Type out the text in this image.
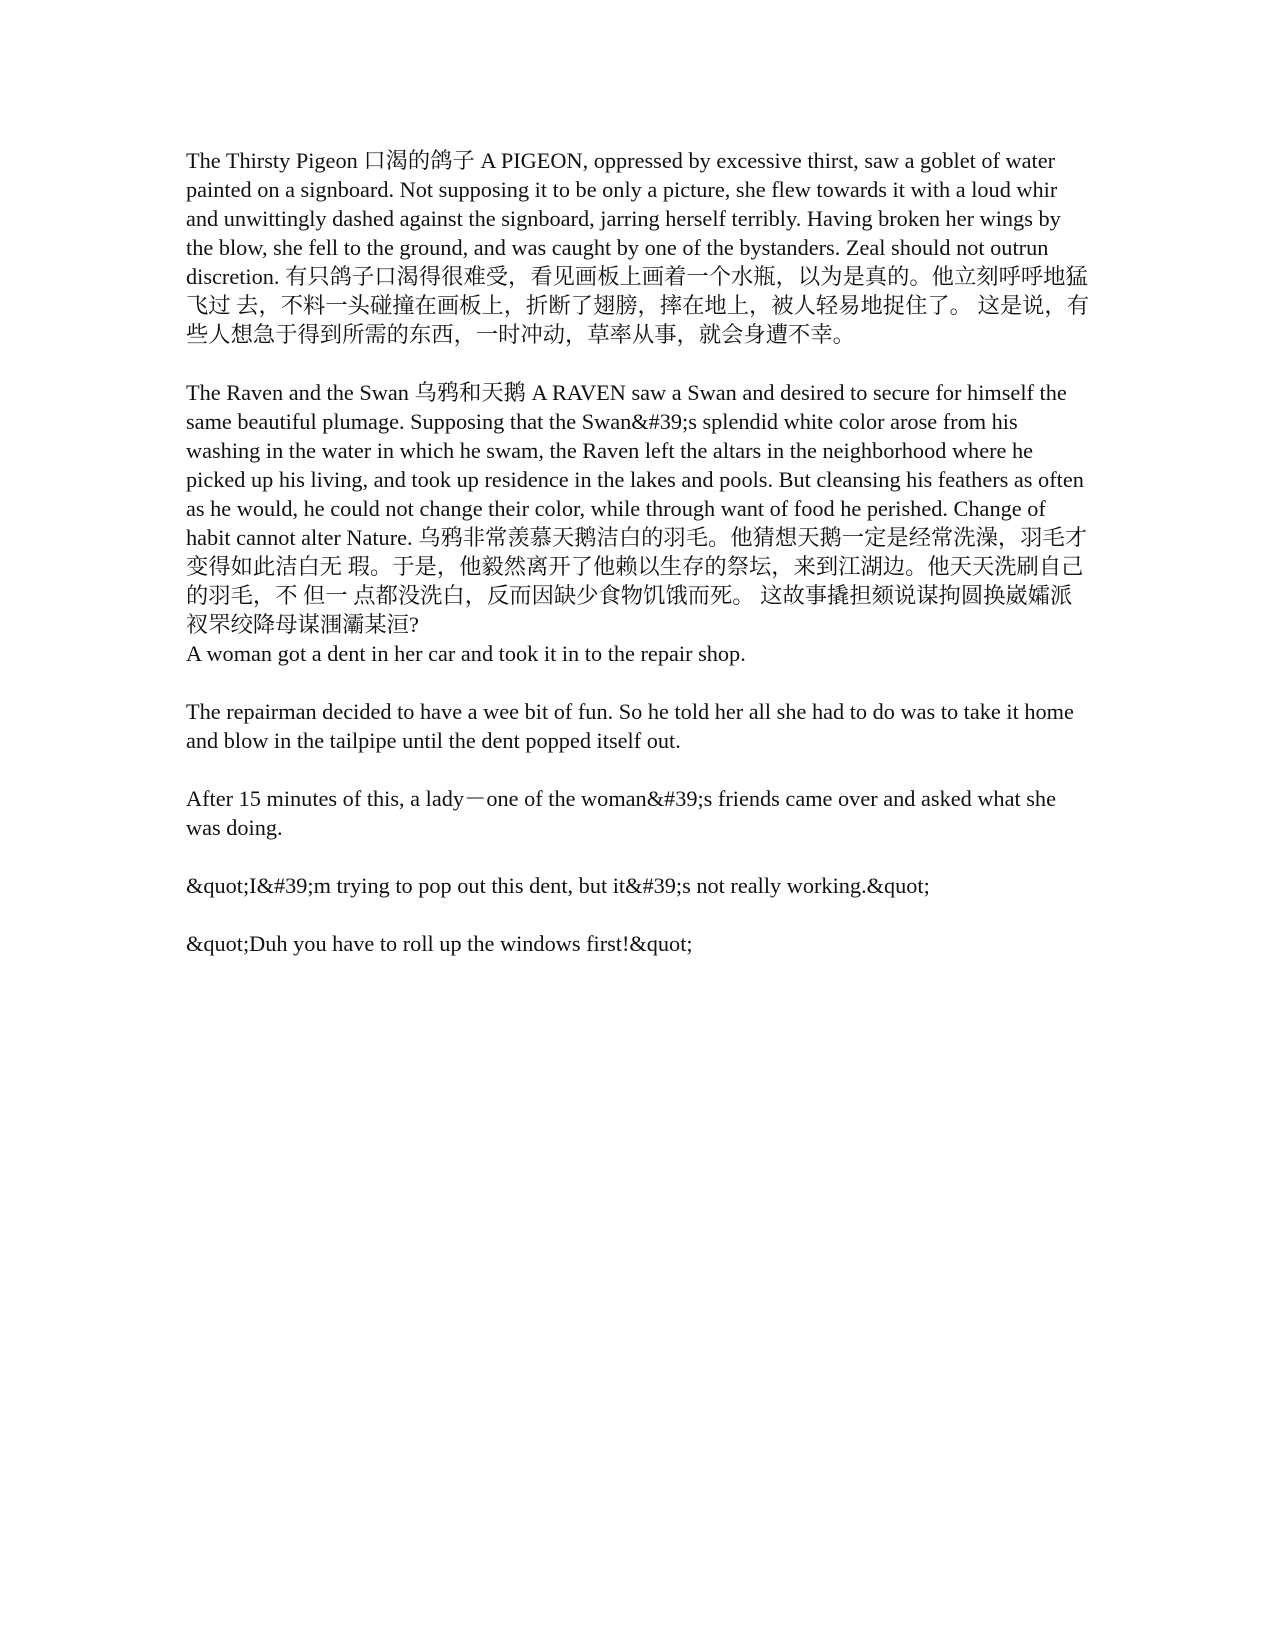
The Thirsty Pigeon 口渴的鸽子 A PIGEON, oppressed by excessive thirst, saw a goblet of water painted on a signboard. Not supposing it to be only a picture, she flew towards it with a loud whir and unwittingly dashed against the signboard, jarring herself terribly. Having broken her wings by the blow, she fell to the ground, and was caught by one of the bystanders. Zeal should not outrun discretion. 有只鸽子口渴得很难受，看见画板上画着一个水瓶，以为是真的。他立刻呼呼地猛飞过 去，不料一头碰撞在画板上，折断了翅膀，摔在地上，被人轻易地捉住了。 这是说，有些人想急于得到所需的东西，一时冲动，草率从事，就会身遭不幸。

The Raven and the Swan 乌鸦和天鹅 A RAVEN saw a Swan and desired to secure for himself the same beautiful plumage. Supposing that the Swan&#39;s splendid white color arose from his washing in the water in which he swam, the Raven left the altars in the neighborhood where he picked up his living, and took up residence in the lakes and pools. But cleansing his feathers as often as he would, he could not change their color, while through want of food he perished. Change of habit cannot alter Nature. 乌鸦非常羡慕天鹅洁白的羽毛。他猜想天鹅一定是经常洗澡，羽毛才变得如此洁白无 瑕。于是，他毅然离开了他赖以生存的祭坛，来到江湖边。他天天洗刷自己的羽毛，不 但一 点都没洗白，反而因缺少食物饥饿而死。 这故事撬担颏说谋拘圆换崴孀派衩罘绞降母谋涠灞某洹?

A woman got a dent in her car and took it in to the repair shop.

The repairman decided to have a wee bit of fun. So he told her all she had to do was to take it home and blow in the tailpipe until the dent popped itself out.

After 15 minutes of this, a lady－one of the woman&#39;s friends came over and asked what she was doing.

&quot;I&#39;m trying to pop out this dent, but it&#39;s not really working.&quot;

&quot;Duh you have to roll up the windows first!&quot;
